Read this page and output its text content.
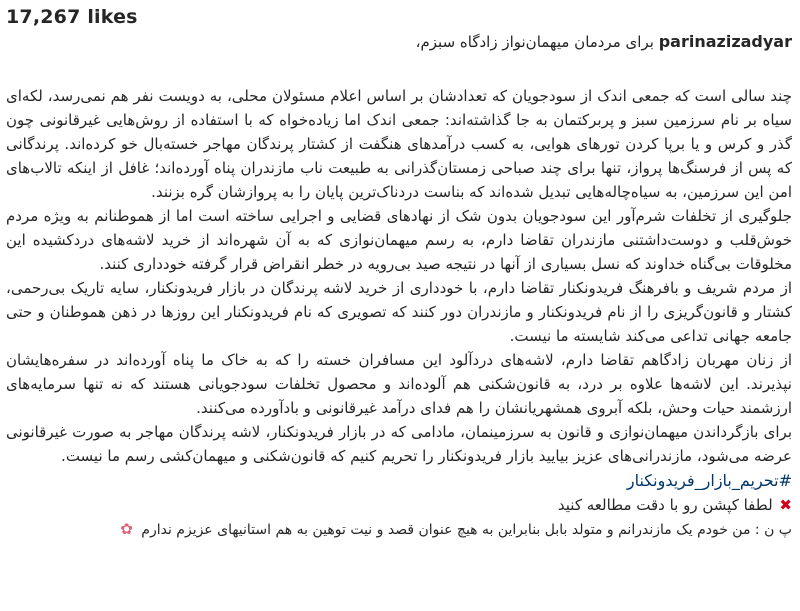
17,267 likes
parinazizadyar برای مردمان میهمان‌نواز زادگاه سبزم،
چند سالی است که جمعی اندک از سودجویان که تعدادشان بر اساس اعلام مسئولان محلی، به دویست نفر هم نمی‌رسد، لکه‌ای سیاه بر نام سرزمین سبز و پربرکتمان به جا گذاشته‌اند: جمعی اندک اما زیاده‌خواه که با استفاده از روش‌هایی غیرقانونی چون گذر و کرس و یا برپا کردن تورهای هوایی، به کسب درآمدهای هنگفت از کشتار پرندگان مهاجر خسته‌بال خو کرده‌اند. پرندگانی که پس از فرسنگ‌ها پرواز، تنها برای چند صباحی زمستان‌گذرانی به طبیعت ناب مازندران پناه آورده‌اند؛ غافل از اینکه تالاب‌های امن این سرزمین، به سیاه‌چاله‌هایی تبدیل شده‌اند که بناست دردناک‌ترین پایان را به پروازشان گره بزنند.
جلوگیری از تخلفات شرم‌آور این سودجویان بدون شک از نهادهای قضایی و اجرایی ساخته است اما از هموطنانم به ویژه مردم خوش‌قلب و دوست‌داشتنی مازندران تقاضا دارم، به رسم میهمان‌نوازی که به آن شهره‌اند از خرید لاشه‌های دردکشیده این مخلوقات بی‌گناه خداوند که نسل بسیاری از آنها در نتیجه صید بی‌رویه در خطر انقراض قرار گرفته خودداری کنند.
از مردم شریف و بافرهنگ فریدونکنار تقاضا دارم، با خودداری از خرید لاشه پرندگان در بازار فریدونکنار، سایه تاریک بی‌رحمی، کشتار و قانون‌گریزی را از نام فریدونکنار و مازندران دور کنند که تصویری که نام فریدونکنار این روزها در ذهن هموطنان و حتی جامعه جهانی تداعی می‌کند شایسته ما نیست.
از زنان مهربان زادگاهم تقاضا دارم، لاشه‌های دردآلود این مسافران خسته را که به خاک ما پناه آورده‌اند در سفره‌هایشان نپذیرند. این لاشه‌ها علاوه بر درد، به قانون‌شکنی هم آلوده‌اند و محصول تخلفات سودجویانی هستند که نه تنها سرمایه‌های ارزشمند حیات وحش، بلکه آبروی همشهریانشان را هم فدای درآمد غیرقانونی و بادآورده می‌کنند.
برای بازگرداندن میهمان‌نوازی و قانون به سرزمینمان، مادامی که در بازار فریدونکنار، لاشه پرندگان مهاجر به صورت غیرقانونی عرضه می‌شود، مازندرانی‌های عزیز بیایید بازار فریدونکنار را تحریم کنیم که قانون‌شکنی و میهمان‌کشی رسم ما نیست.
#تحریم_بازار_فریدونکنار
✖ لطفا کپشن رو با دقت مطالعه کنید
پ ن : من خودم یک مازندرانم و متولد بابل بنابراین به هیچ عنوان قصد و نیت توهین به هم استانیهای عزیزم ندارم ✿
